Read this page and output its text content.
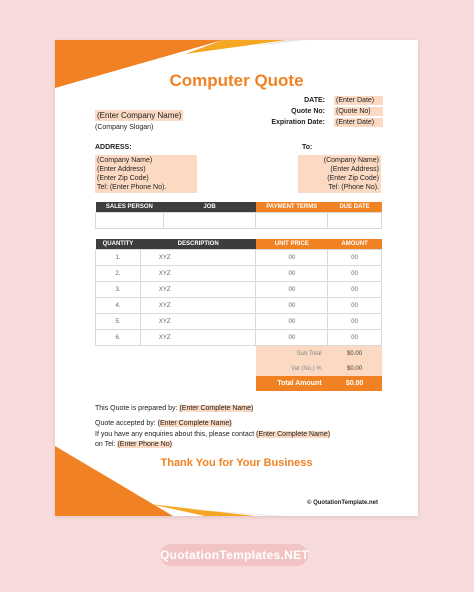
Computer Quote
(Enter Company Name)
(Company Slogan)
DATE: (Enter Date)
Quote No: (Quote No)
Expiration Date: (Enter Date)
ADDRESS:	To:
(Company Name)
(Enter Address)
(Enter Zip Code)
Tel: (Enter Phone No).
(Company Name)
(Enter Address)
(Enter Zip Code)
Tel: (Phone No).
SALES PERSON	JOB	PAYMENT TERMS	DUE DATE

QUANTITY	DESCRIPTION	UNIT PRICE	AMOUNT
1.	XYZ	00	00
2.	XYZ	00	00
3.	XYZ	00	00
4.	XYZ	00	00
5.	XYZ	00	00
6.	XYZ	00	00
		Sub Total	$0.00
		Vat (No.) %	$0.00
		Total Amount	$0.00
This Quote is prepared by: (Enter Complete Name)
Quote accepted by: (Enter Complete Name)
If you have any enquiries about this, please contact (Enter Complete Name)
on Tel: (Enter Phone No)
Thank You for Your Business
© QuotationTemplate.net
QuotationTemplates.NET
